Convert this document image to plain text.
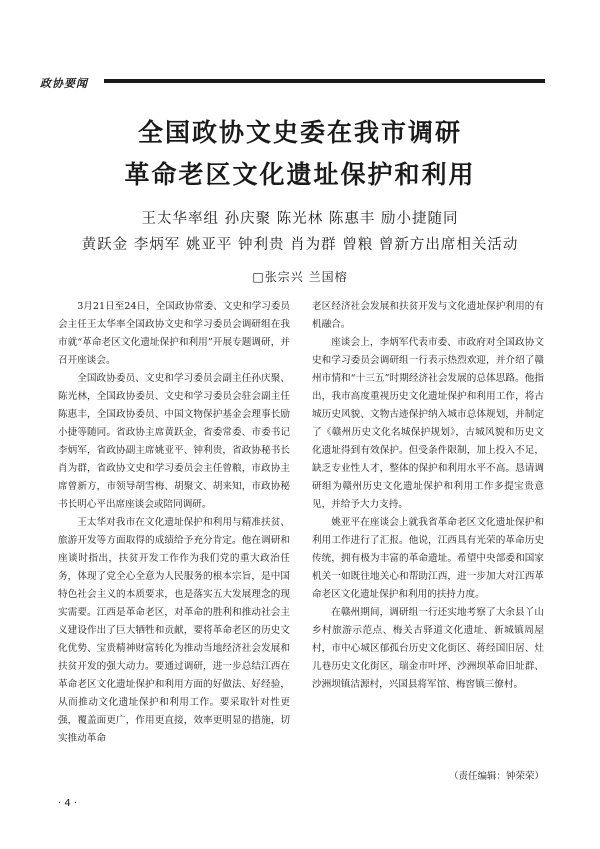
政协要闻
全国政协文史委在我市调研
革命老区文化遗址保护和利用
王太华率组 孙庆聚 陈光林 陈惠丰 励小捷随同
黄跃金 李炳军 姚亚平 钟利贵 肖为群 曾粮 曾新方出席相关活动
□张宗兴 兰国榕

3月21日至24日，全国政协常委、文史和学习委员会主任王太华率全国政协文史和学习委员会调研组在我市就“革命老区文化遗址保护和利用”开展专题调研，并召开座谈会。

全国政协委员、文史和学习委员会副主任孙庆聚、陈光林，全国政协委员、文史和学习委员会驻会副主任陈惠丰，全国政协委员、中国文物保护基金会理事长励小捷等随同。省政协主席黄跃金，省委常委、市委书记李炳军，省政协副主席姚亚平、钟利贵，省政协秘书长肖为群，省政协文史和学习委员会主任曾粮，市政协主席曾新方，市领导胡雪梅、胡聚文、胡来知，市政协秘书长明心平出席座谈会或陪同调研。

王太华对我市在文化遗址保护和利用与精准扶贫、旅游开发等方面取得的成绩给予充分肯定。他在调研和座谈时指出，扶贫开发工作作为我们党的重大政治任务，体现了党全心全意为人民服务的根本宗旨，是中国特色社会主义的本质要求，也是落实五大发展理念的现实需要。江西是革命老区，对革命的胜利和推动社会主义建设作出了巨大牺牲和贡献，要将革命老区的历史文化优势、宝贵精神财富转化为推动当地经济社会发展和扶贫开发的强大动力。要通过调研，进一步总结江西在革命老区文化遗址保护和利用方面的好做法、好经验，从而推动文化遗址保护和利用工作。要采取针对性更强，覆盖面更广，作用更直接，效率更明显的措施，切实推动革命

老区经济社会发展和扶贫开发与文化遗址保护利用的有机融合。

座谈会上，李炳军代表市委、市政府对全国政协文史和学习委员会调研组一行表示热烈欢迎，并介绍了赣州市情和“十三五”时期经济社会发展的总体思路。他指出，我市高度重视历史文化遗址保护和利用工作，将古城历史风貌、文物古迹保护纳入城市总体规划，并制定了《赣州历史文化名城保护规划》，古城风貌和历史文化遗址得到有效保护。但受条件限制，加上投入不足，缺乏专业性人才，整体的保护和利用水平不高。恳请调研组为赣州历史文化遗址保护和利用工作多提宝贵意见，并给予大力支持。

姚亚平在座谈会上就我省革命老区文化遗址保护和利用工作进行了汇报。他说，江西具有光荣的革命历史传统，拥有极为丰富的革命遗址。希望中央部委和国家机关一如既往地关心和帮助江西，进一步加大对江西革命老区文化遗址保护和利用的扶持力度。

在赣州期间，调研组一行还实地考察了大余县丫山乡村旅游示范点、梅关古驿道文化遗址、新城镇周屋村，市中心城区郁孤台历史文化街区、蒋经国旧居、灶儿巷历史文化街区，瑞金市叶坪、沙洲坝革命旧址群、沙洲坝镇洁源村，兴国县将军馆、梅窖镇三僚村。

（责任编辑：钟荣荣）
· 4 ·
